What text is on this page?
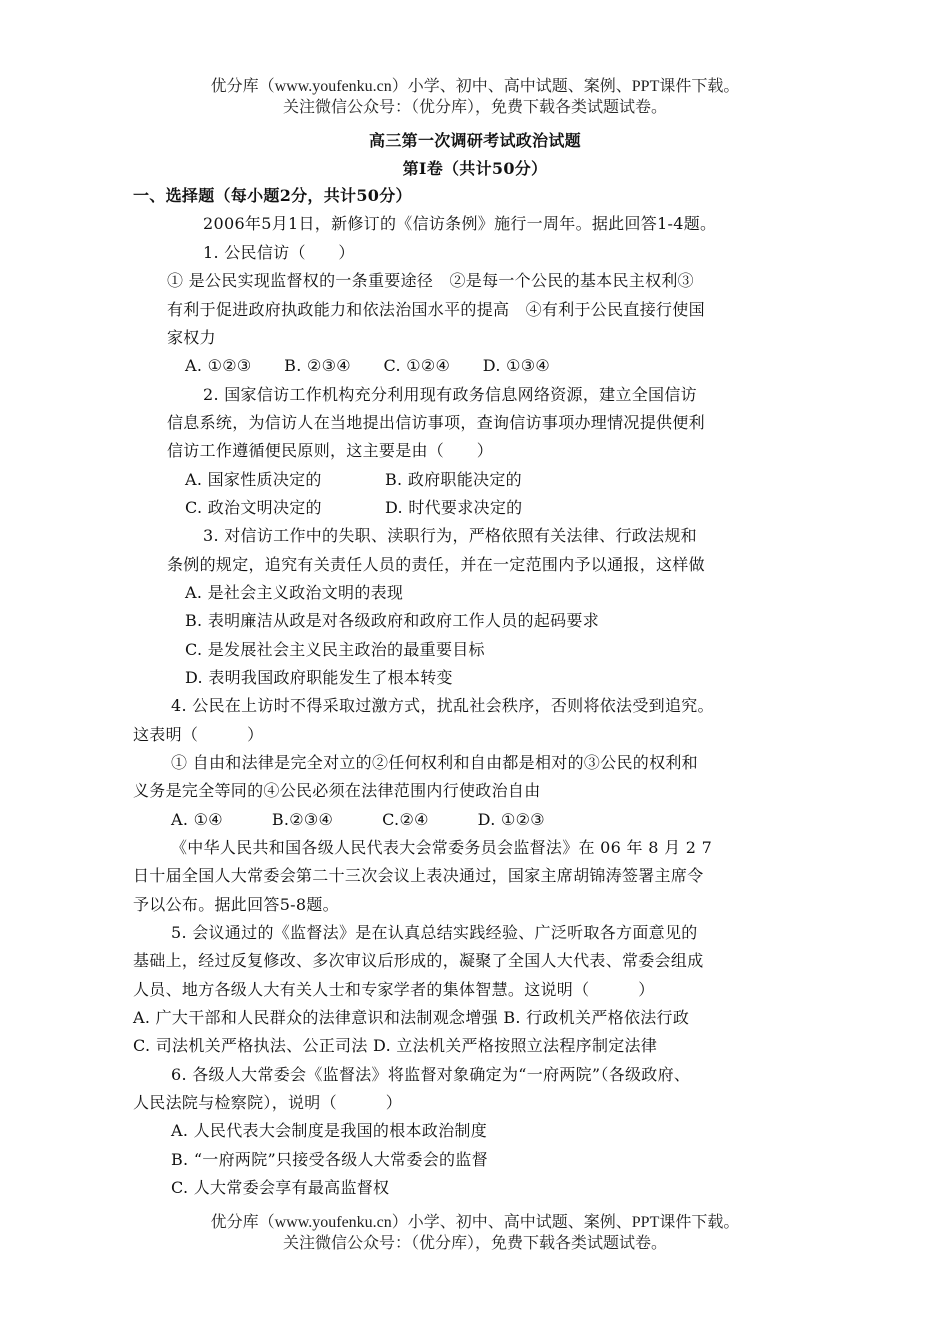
优分库（www.youfenku.cn）小学、初中、高中试题、案例、PPT课件下载。
关注微信公众号：（优分库），免费下载各类试题试卷。
高三第一次调研考试政治试题
第Ⅰ卷（共计50分）
一、选择题（每小题2分，共计50分）
2006年5月1日，新修订的《信访条例》施行一周年。据此回答1-4题。
1. 公民信访（　　）
① 是公民实现监督权的一条重要途径　②是每一个公民的基本民主权利③
有利于促进政府执政能力和依法治国水平的提高　④有利于公民直接行使国
家权力
A. ①②③　　B. ②③④　　C. ①②④　　D. ①③④
2. 国家信访工作机构充分利用现有政务信息网络资源，建立全国信访
信息系统，为信访人在当地提出信访事项，查询信访事项办理情况提供便利
信访工作遵循便民原则，这主要是由（　　）
A. 国家性质决定的	B. 政府职能决定的
C. 政治文明决定的	D. 时代要求决定的
3. 对信访工作中的失职、渎职行为，严格依照有关法律、行政法规和
条例的规定，追究有关责任人员的责任，并在一定范围内予以通报，这样做
A. 是社会主义政治文明的表现
B. 表明廉洁从政是对各级政府和政府工作人员的起码要求
C. 是发展社会主义民主政治的最重要目标
D. 表明我国政府职能发生了根本转变
4. 公民在上访时不得采取过激方式，扰乱社会秩序，否则将依法受到追究。
这表明（　　　）
① 自由和法律是完全对立的②任何权利和自由都是相对的③公民的权利和
义务是完全等同的④公民必须在法律范围内行使政治自由
A. ①④　　　B.②③④　　　C.②④　　　D. ①②③
《中华人民共和国各级人民代表大会常委务员会监督法》在 06 年 8 月 2 7
日十届全国人大常委会第二十三次会议上表决通过，国家主席胡锦涛签署主席令
予以公布。据此回答5-8题。
5. 会议通过的《监督法》是在认真总结实践经验、广泛听取各方面意见的
基础上，经过反复修改、多次审议后形成的，凝聚了全国人大代表、常委会组成
人员、地方各级人大有关人士和专家学者的集体智慧。这说明（　　　）
A. 广大干部和人民群众的法律意识和法制观念增强 B. 行政机关严格依法行政
C. 司法机关严格执法、公正司法 D. 立法机关严格按照立法程序制定法律
6. 各级人大常委会《监督法》将监督对象确定为“一府两院”（各级政府、
人民法院与检察院），说明（　　　）
A. 人民代表大会制度是我国的根本政治制度
B. “一府两院”只接受各级人大常委会的监督
C. 人大常委会享有最高监督权
优分库（www.youfenku.cn）小学、初中、高中试题、案例、PPT课件下载。
关注微信公众号：（优分库），免费下载各类试题试卷。
